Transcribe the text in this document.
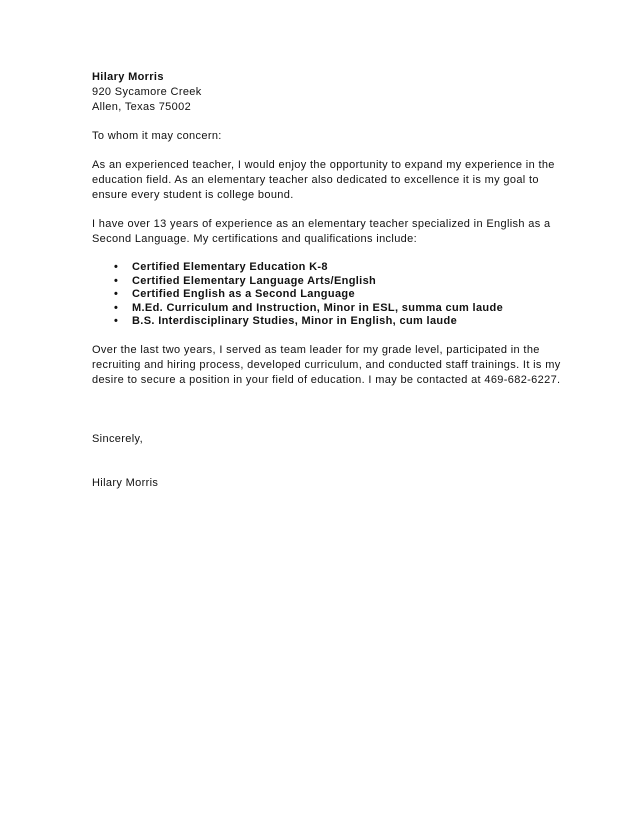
Hilary Morris
920 Sycamore Creek
Allen, Texas 75002

To whom it may concern:

As an experienced teacher, I would enjoy the opportunity to expand my experience in the education field. As an elementary teacher also dedicated to excellence it is my goal to ensure every student is college bound.

I have over 13 years of experience as an elementary teacher specialized in English as a Second Language. My certifications and qualifications include:

• Certified Elementary Education K-8
• Certified Elementary Language Arts/English
• Certified English as a Second Language
• M.Ed. Curriculum and Instruction, Minor in ESL, summa cum laude
• B.S. Interdisciplinary Studies, Minor in English, cum laude

Over the last two years, I served as team leader for my grade level, participated in the recruiting and hiring process, developed curriculum, and conducted staff trainings. It is my desire to secure a position in your field of education. I may be contacted at 469-682-6227.

Sincerely,

Hilary Morris
